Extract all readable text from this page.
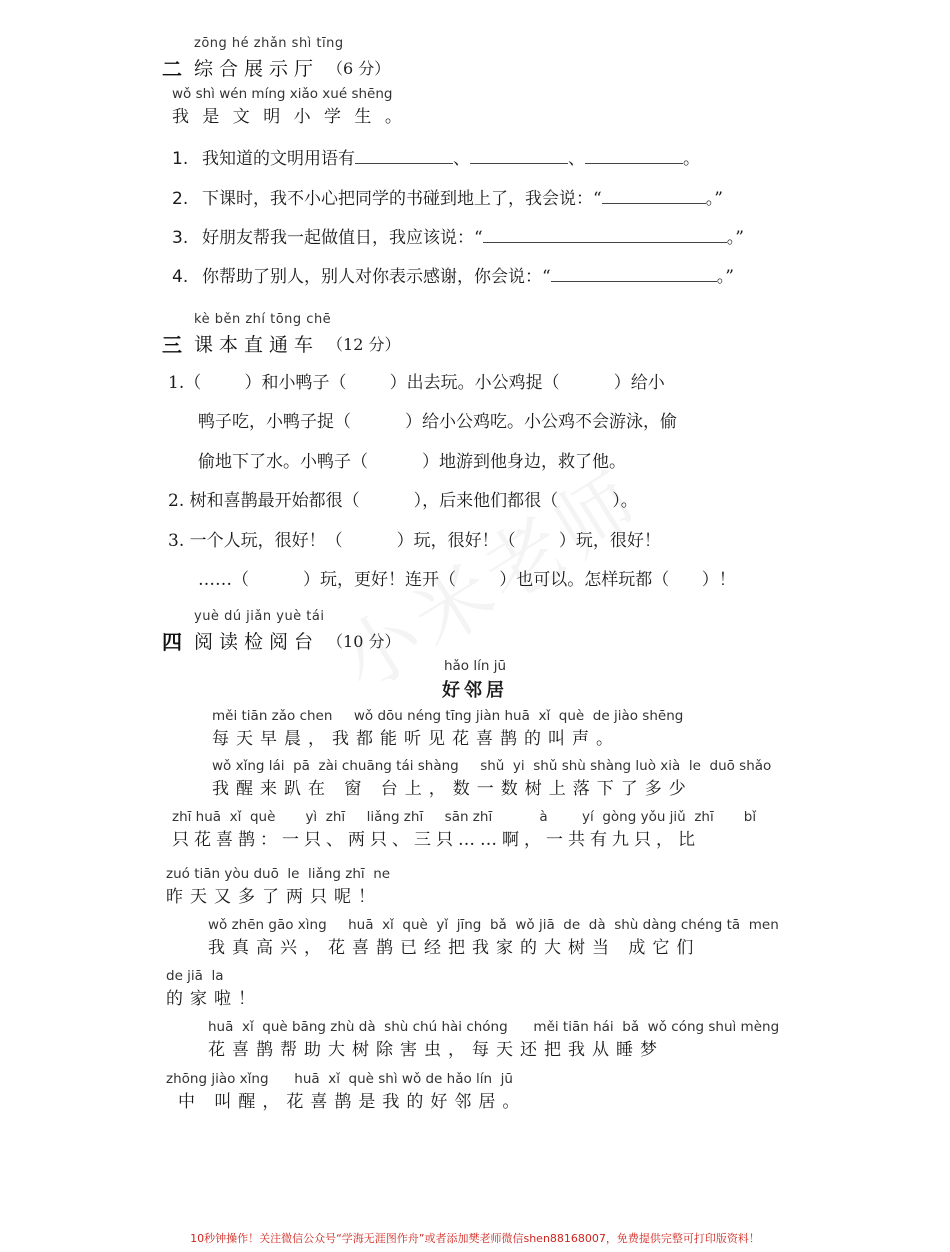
zōng hé zhǎn shì tīng
二 综合展示厅 （6 分）
wǒ shì wén míng xiǎo xué shēng
我 是 文 明 小 学 生 。
1. 我知道的文明用语有	、	、	。
2. 下课时，我不小心把同学的书碰到地上了，我会说：“	。”
3. 好朋友帮我一起做值日，我应该说：“	。”
4. 你帮助了别人，别人对你表示感谢，你会说：“	。”
kè běn zhí tōng chē
三 课本直通车 （12 分）
1.（        ）和小鸭子（        ）出去玩。小公鸡捉（          ）给小
鸭子吃，小鸭子捉（          ）给小公鸡吃。小公鸡不会游泳，偷
偷地下了水。小鸭子（          ）地游到他身边，救了他。
2. 树和喜鹊最开始都很（          ），后来他们都很（          ）。
3. 一个人玩，很好！（          ）玩，很好！（        ）玩，很好！
……（          ）玩，更好！连开（        ）也可以。怎样玩都（      ）！
yuè dú jiǎn yuè tái
四 阅读检阅台 （10 分）
hǎo lín jū
好邻居
měi tiān zǎo chen     wǒ dōu néng tīng jiàn huā  xǐ  què  de jiào shēng
每天早晨，我都能听见花喜鹊的叫声。
wǒ xǐng lái  pā  zài chuāng tái shàng     shǔ  yi  shǔ shù shàng luò xià  le  duō shǎo
我醒来趴在 窗 台上，数一数树上落下了多少
zhī huā  xǐ  què       yì  zhī     liǎng zhī     sān zhī           à        yí  gòng yǒu jiǔ  zhī       bǐ
只花喜鹊：一只、两只、三只……啊，一共有九只，比
zuó tiān yòu duō  le  liǎng zhī  ne
昨天又多了两只呢！
wǒ zhēn gāo xìng     huā  xǐ  què  yǐ  jīng  bǎ  wǒ jiā  de  dà  shù dàng chéng tā  men
我真高兴，花喜鹊已经把我家的大树当 成它们
de jiā  la
的家啦！
huā  xǐ  què bāng zhù dà  shù chú hài chóng      měi tiān hái  bǎ  wǒ cóng shuì mèng
花喜鹊帮助大树除害虫，每天还把我从睡梦
zhōng jiào xǐng      huā  xǐ  què shì wǒ de hǎo lín  jū
中 叫醒，花喜鹊是我的好邻居。
10秒钟操作！关注微信公众号“学海无涯图作舟”或者添加樊老师微信shen88168007，免费提供完整可打印版资料！
